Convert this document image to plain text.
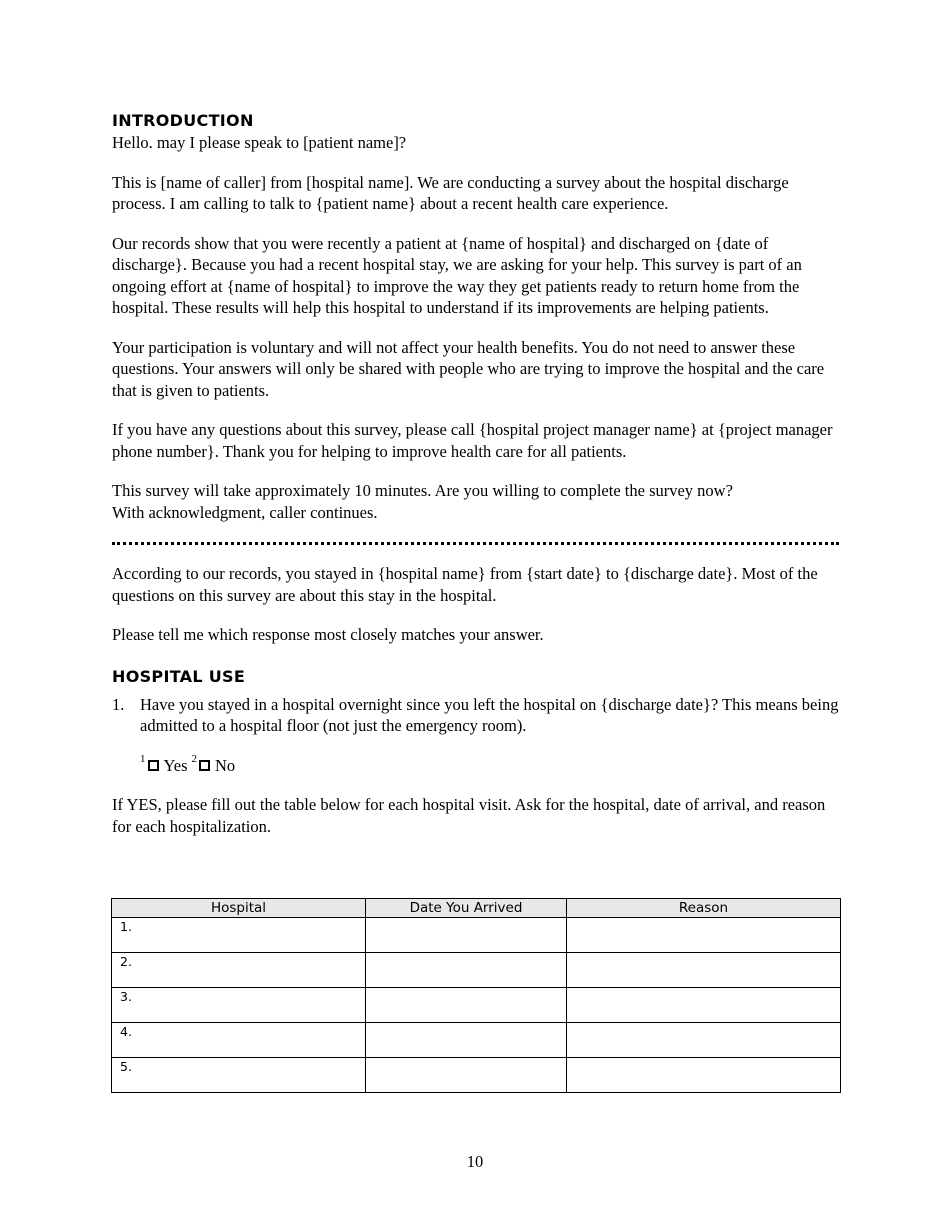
INTRODUCTION

Hello. may I please speak to [patient name]?

This is [name of caller] from [hospital name]. We are conducting a survey about the hospital discharge process. I am calling to talk to {patient name} about a recent health care experience.

Our records show that you were recently a patient at {name of hospital} and discharged on {date of discharge}. Because you had a recent hospital stay, we are asking for your help. This survey is part of an ongoing effort at {name of hospital} to improve the way they get patients ready to return home from the hospital. These results will help this hospital to understand if its improvements are helping patients.

Your participation is voluntary and will not affect your health benefits. You do not need to answer these questions. Your answers will only be shared with people who are trying to improve the hospital and the care that is given to patients.

If you have any questions about this survey, please call {hospital project manager name} at {project manager phone number}. Thank you for helping to improve health care for all patients.

This survey will take approximately 10 minutes. Are you willing to complete the survey now?

With acknowledgment, caller continues.

According to our records, you stayed in {hospital name} from {start date} to {discharge date}. Most of the questions on this survey are about this stay in the hospital.

Please tell me which response most closely matches your answer.

HOSPITAL USE
1. Have you stayed in a hospital overnight since you left the hospital on {discharge date}? This means being admitted to a hospital floor (not just the emergency room).
$^1$ Yes $^2$ No

If YES, please fill out the table below for each hospital visit. Ask for the hospital, date of arrival, and reason for each hospitalization.

Hospital	Date You Arrived	Reason
1.		
2.		
3.		
4.		
5.		
10
